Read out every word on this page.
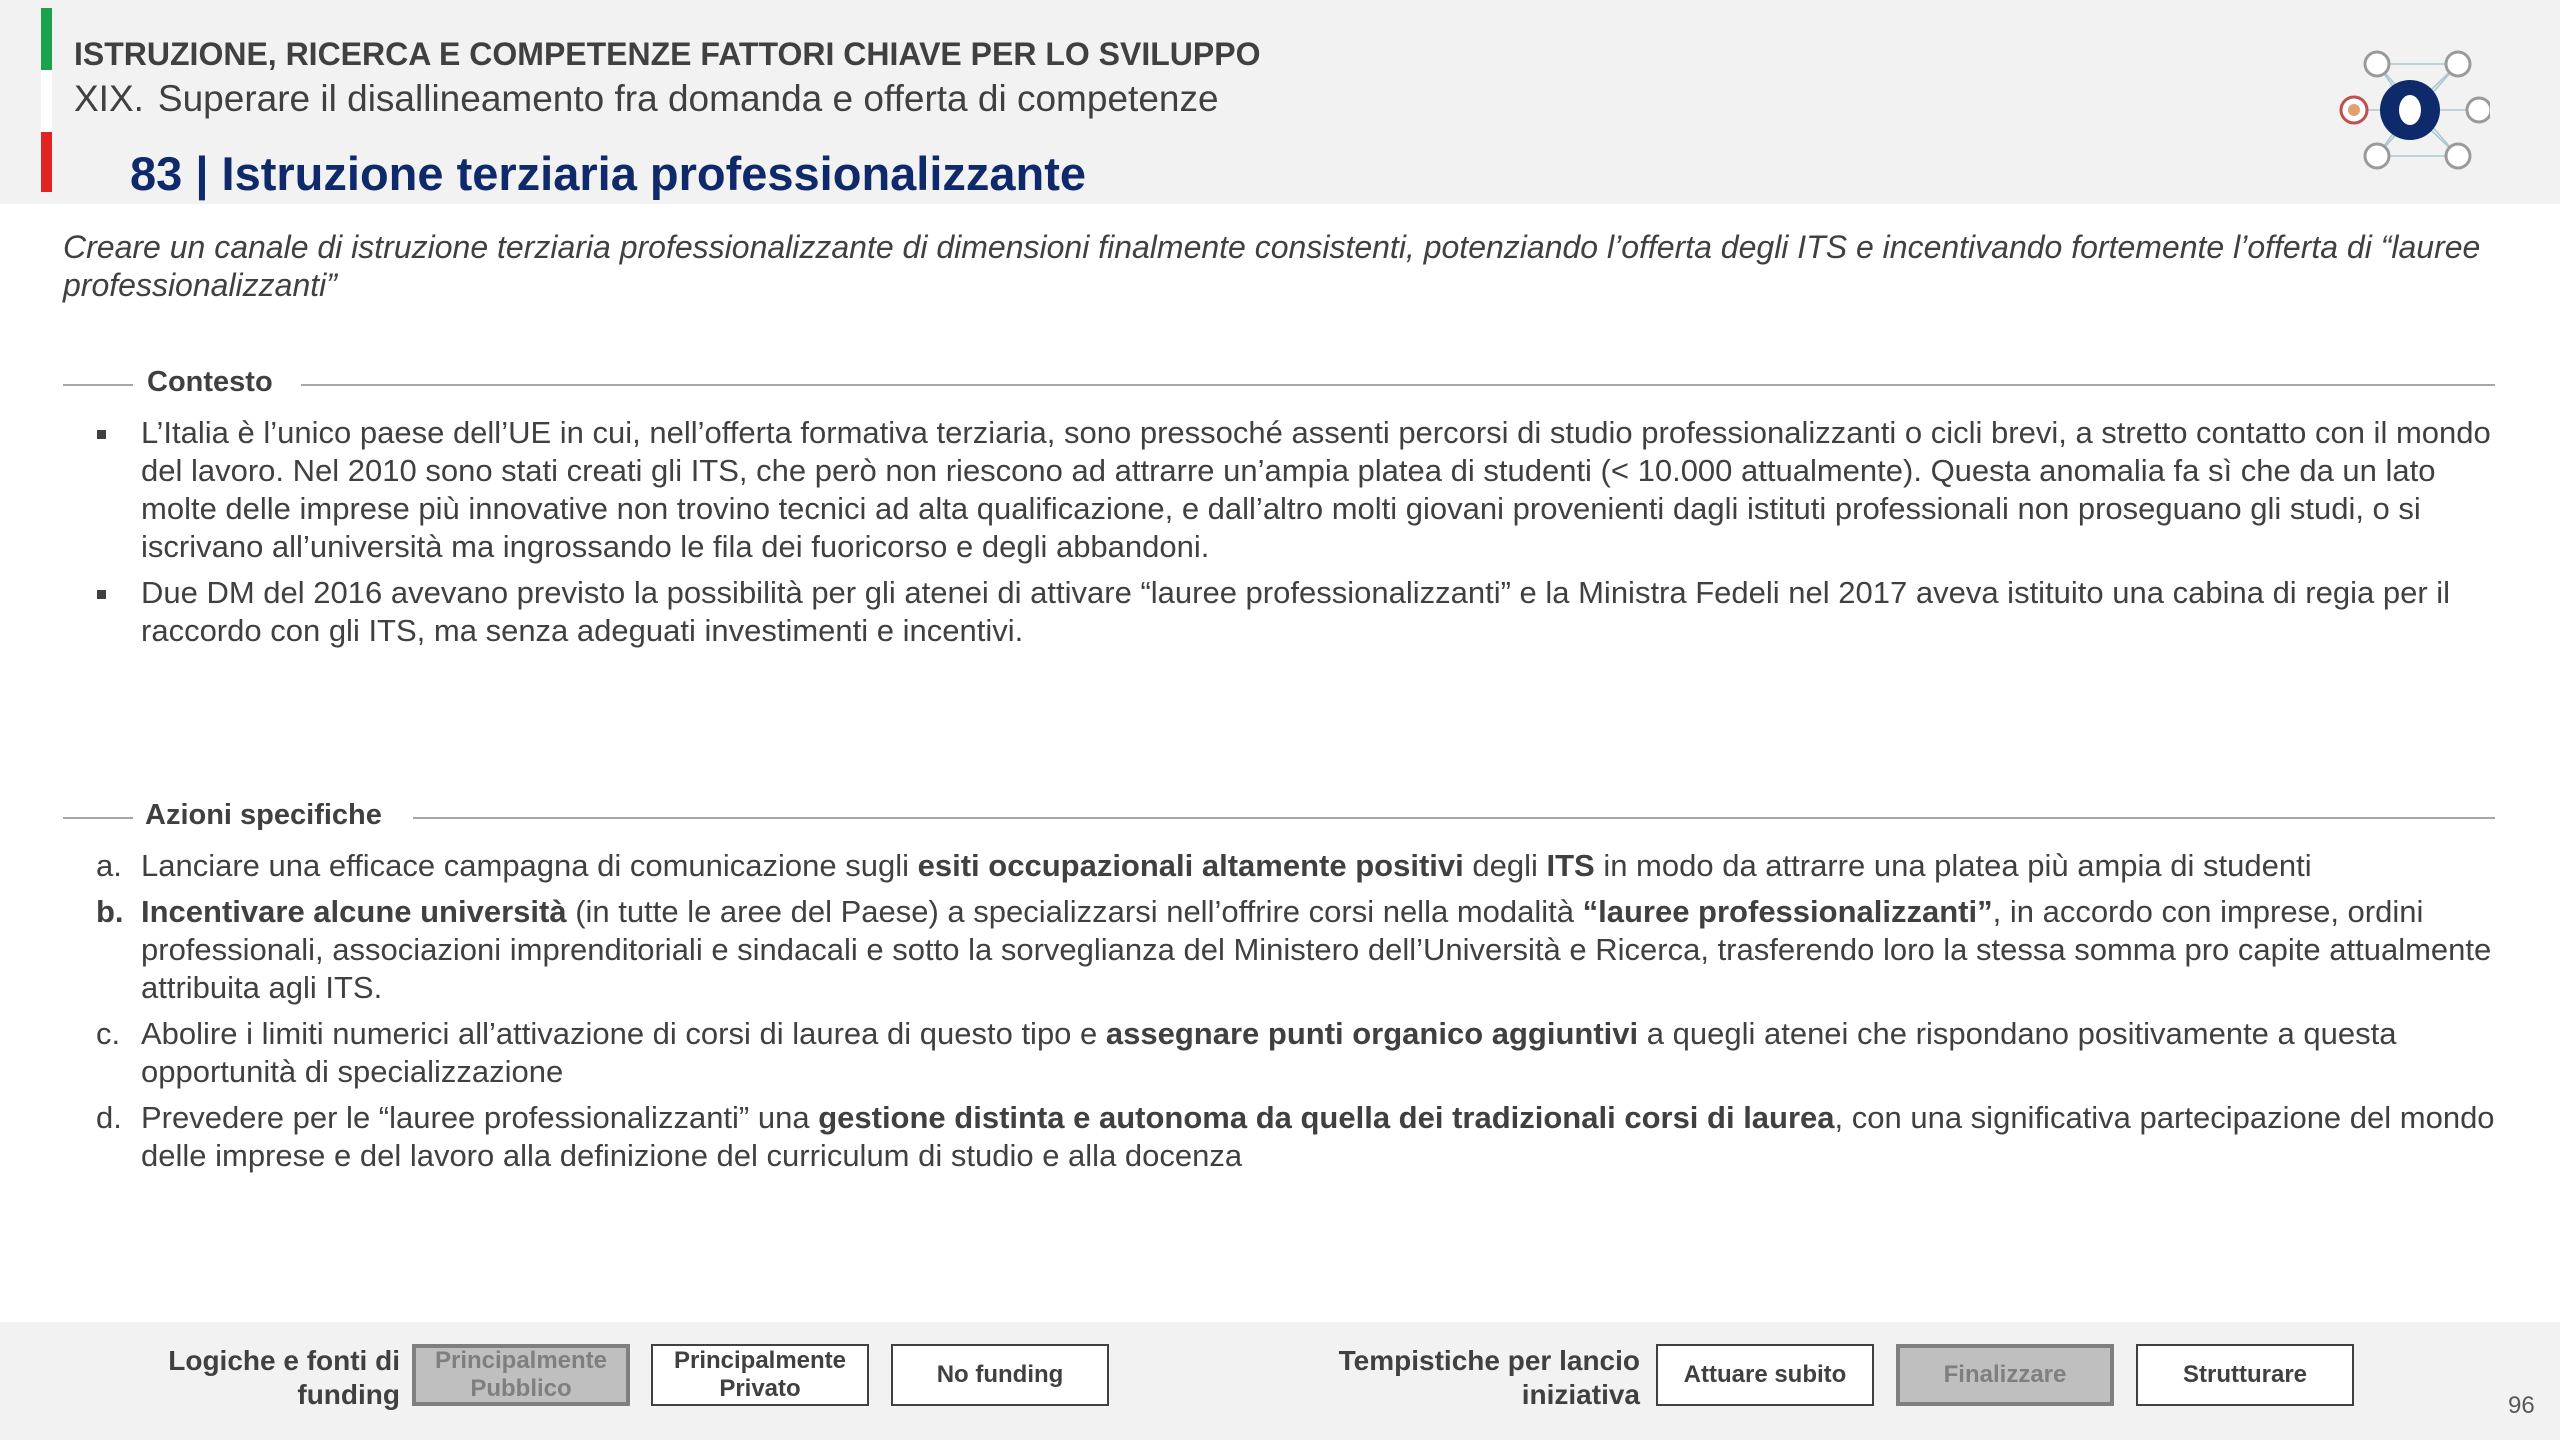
ISTRUZIONE, RICERCA E COMPETENZE FATTORI CHIAVE PER LO SVILUPPO
XIX. Superare il disallineamento fra domanda e offerta di competenze
83 | Istruzione terziaria professionalizzante
Creare un canale di istruzione terziaria professionalizzante di dimensioni finalmente consistenti, potenziando l’offerta degli ITS e incentivando fortemente l’offerta di “lauree professionalizzanti”
Contesto
L’Italia è l’unico paese dell’UE in cui, nell’offerta formativa terziaria, sono pressoché assenti percorsi di studio professionalizzanti o cicli brevi, a stretto contatto con il mondo del lavoro. Nel 2010 sono stati creati gli ITS, che però non riescono ad attrarre un’ampia platea di studenti (< 10.000 attualmente). Questa anomalia fa sì che da un lato molte delle imprese più innovative non trovino tecnici ad alta qualificazione, e dall’altro molti giovani provenienti dagli istituti professionali non proseguano gli studi, o si iscrivano all’università ma ingrossando le fila dei fuoricorso e degli abbandoni.
Due DM del 2016 avevano previsto la possibilità per gli atenei di attivare “lauree professionalizzanti” e la Ministra Fedeli nel 2017 aveva istituito una cabina di regia per il raccordo con gli ITS, ma senza adeguati investimenti e incentivi.
Azioni specifiche
a. Lanciare una efficace campagna di comunicazione sugli esiti occupazionali altamente positivi degli ITS in modo da attrarre una platea più ampia di studenti
b. Incentivare alcune università (in tutte le aree del Paese) a specializzarsi nell’offrire corsi nella modalità “lauree professionalizzanti”, in accordo con imprese, ordini professionali, associazioni imprenditoriali e sindacali e sotto la sorveglianza del Ministero dell’Università e Ricerca, trasferendo loro la stessa somma pro capite attualmente attribuita agli ITS.
c. Abolire i limiti numerici all’attivazione di corsi di laurea di questo tipo e assegnare punti organico aggiuntivi a quegli atenei che rispondano positivamente a questa opportunità di specializzazione
d. Prevedere per le “lauree professionalizzanti” una gestione distinta e autonoma da quella dei tradizionali corsi di laurea, con una significativa partecipazione del mondo delle imprese e del lavoro alla definizione del curriculum di studio e alla docenza
Logiche e fonti di
funding
Principalmente
Pubblico
Principalmente
Privato
No funding	Tempistiche per lancio
iniziativa
Attuare subito	Finalizzare	Strutturare
96
